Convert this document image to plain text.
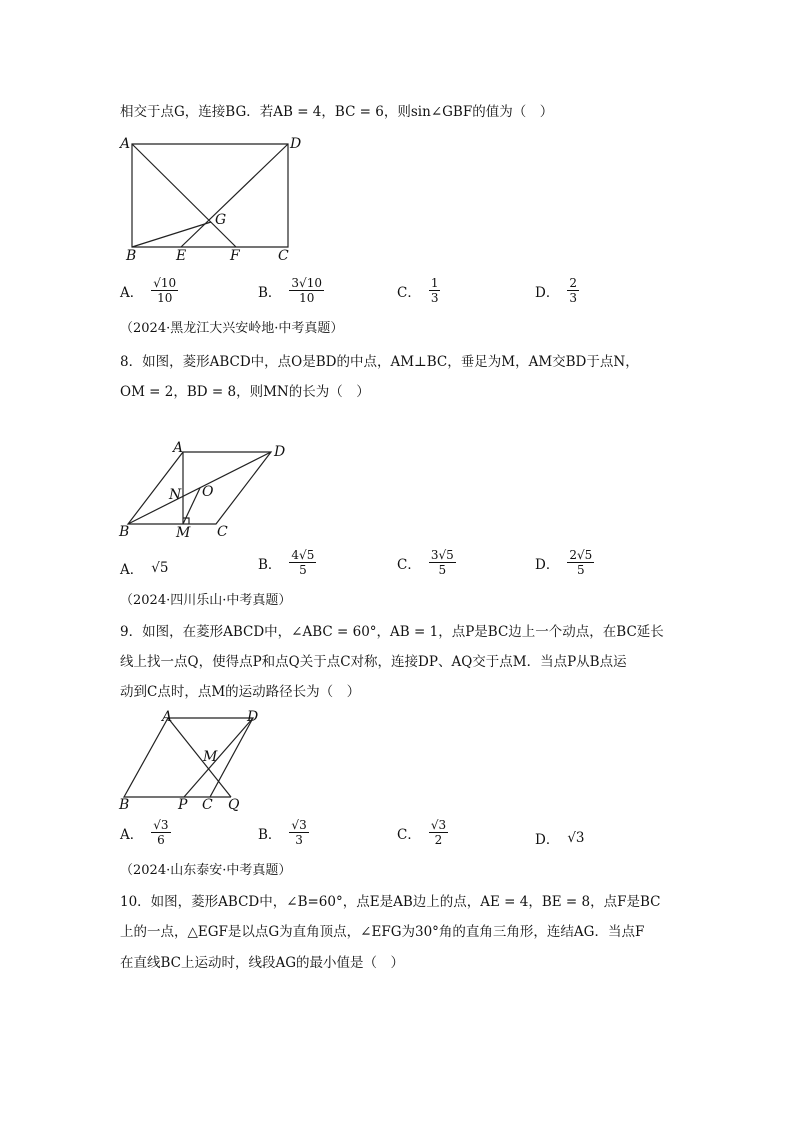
相交于点G，连接BG．若AB = 4，BC = 6，则sin∠GBF的值为（　）
A	D
G
B	E	F	C
A． $\frac{√10}{10}$	B． $\frac{3√10}{10}$	C． $\frac{1}{3}$	D． $\frac{2}{3}$
（2024·黑龙江大兴安岭地·中考真题）
8．如图，菱形ABCD中，点O是BD的中点，AM⊥BC，垂足为M，AM交BD于点N，
OM = 2，BD = 8，则MN的长为（　）
A	D
N O
B	M C
A． √5	B． $\frac{4√5}{5}$	C． $\frac{3√5}{5}$	D． $\frac{2√5}{5}$
（2024·四川乐山·中考真题）
9．如图，在菱形ABCD中，∠ABC = 60°，AB = 1，点P是BC边上一个动点，在BC延长
线上找一点Q，使得点P和点Q关于点C对称，连接DP、AQ交于点M．当点P从B点运
动到C点时，点M的运动路径长为（　）
A	D
M
B	P C Q
A． $\frac{√3}{6}$	B． $\frac{√3}{3}$	C． $\frac{√3}{2}$	D． √3
（2024·山东泰安·中考真题）
10．如图，菱形ABCD中，∠B=60°，点E是AB边上的点，AE = 4，BE = 8，点F是BC
上的一点，△EGF是以点G为直角顶点，∠EFG为30°角的直角三角形，连结AG．当点F
在直线BC上运动时，线段AG的最小值是（　）
